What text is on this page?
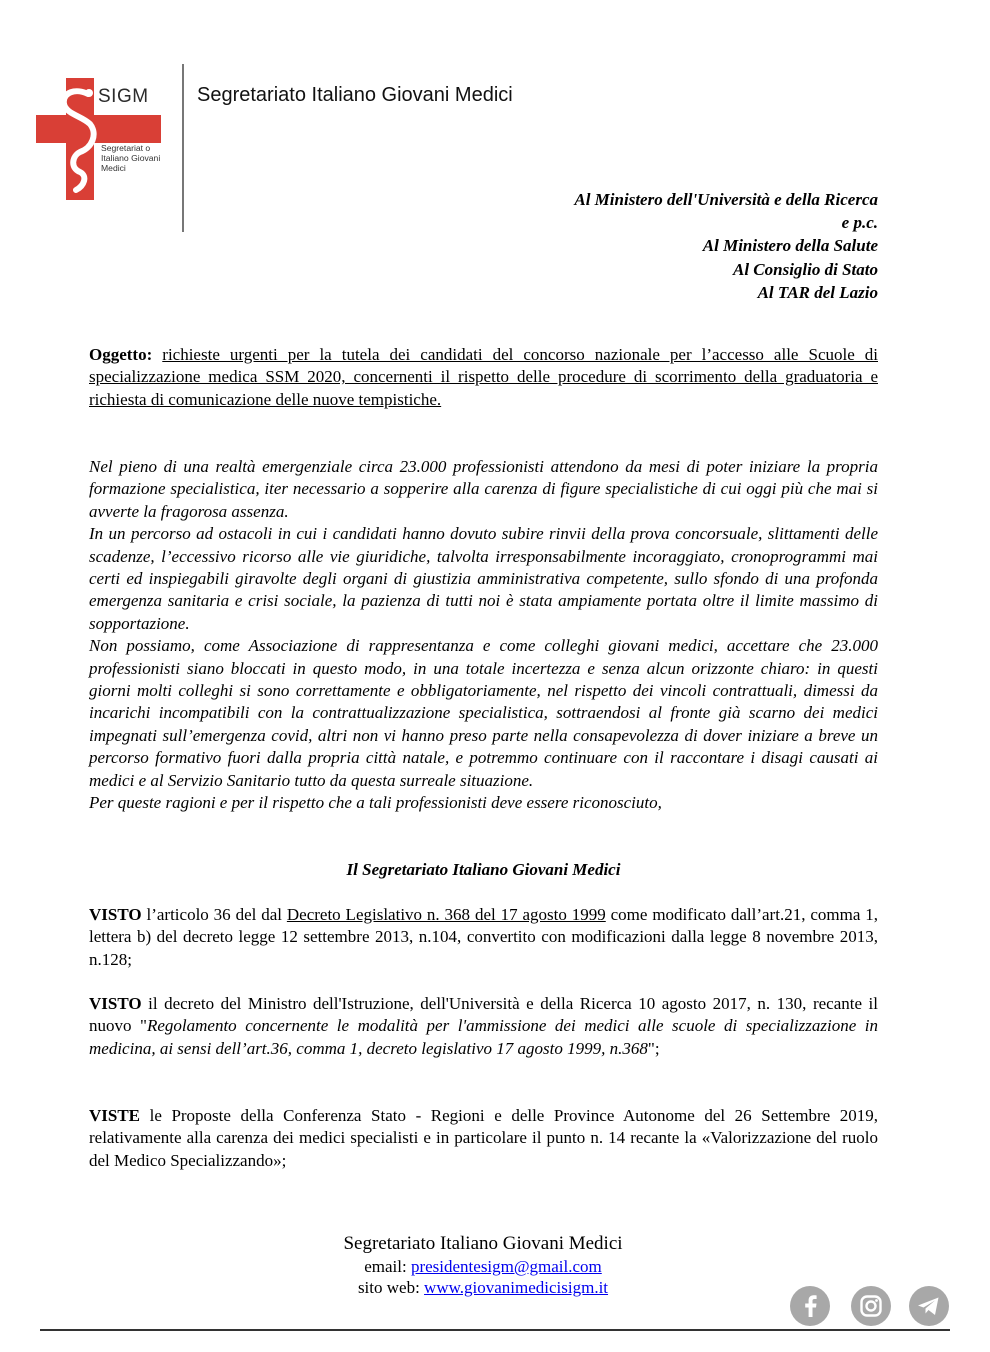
SIGM
Segretariat o Italiano Giovani Medici
Segretariato Italiano Giovani Medici
Al Ministero dell'Università e della Ricerca
e p.c.
Al Ministero della Salute
Al Consiglio di Stato
Al TAR del Lazio
Oggetto: richieste urgenti per la tutela dei candidati del concorso nazionale per l’accesso alle Scuole di specializzazione medica SSM 2020, concernenti il rispetto delle procedure di scorrimento della graduatoria e richiesta di comunicazione delle nuove tempistiche.

Nel pieno di una realtà emergenziale circa 23.000 professionisti attendono da mesi di poter iniziare la propria formazione specialistica, iter necessario a sopperire alla carenza di figure specialistiche di cui oggi più che mai si avverte la fragorosa assenza.

In un percorso ad ostacoli in cui i candidati hanno dovuto subire rinvii della prova concorsuale, slittamenti delle scadenze, l’eccessivo ricorso alle vie giuridiche, talvolta irresponsabilmente incoraggiato, cronoprogrammi mai certi ed inspiegabili giravolte degli organi di giustizia amministrativa competente, sullo sfondo di una profonda emergenza sanitaria e crisi sociale, la pazienza di tutti noi è stata ampiamente portata oltre il limite massimo di sopportazione.

Non possiamo, come Associazione di rappresentanza e come colleghi giovani medici, accettare che 23.000 professionisti siano bloccati in questo modo, in una totale incertezza e senza alcun orizzonte chiaro: in questi giorni molti colleghi si sono correttamente e obbligatoriamente, nel rispetto dei vincoli contrattuali, dimessi da incarichi incompatibili con la contrattualizzazione specialistica, sottraendosi al fronte già scarno dei medici impegnati sull’emergenza covid, altri non vi hanno preso parte nella consapevolezza di dover iniziare a breve un percorso formativo fuori dalla propria città natale, e potremmo continuare con il raccontare i disagi causati ai medici e al Servizio Sanitario tutto da questa surreale situazione.

Per queste ragioni e per il rispetto che a tali professionisti deve essere riconosciuto,

Il Segretariato Italiano Giovani Medici

VISTO l’articolo 36 del dal Decreto Legislativo n. 368 del 17 agosto 1999 come modificato dall’art.21, comma 1, lettera b) del decreto legge 12 settembre 2013, n.104, convertito con modificazioni dalla legge 8 novembre 2013, n.128;

VISTO il decreto del Ministro dell'Istruzione, dell'Università e della Ricerca 10 agosto 2017, n. 130, recante il nuovo "Regolamento concernente le modalità per l'ammissione dei medici alle scuole di specializzazione in medicina, ai sensi dell’art.36, comma 1, decreto legislativo 17 agosto 1999, n.368";

VISTE le Proposte della Conferenza Stato - Regioni e delle Province Autonome del 26 Settembre 2019, relativamente alla carenza dei medici specialisti e in particolare il punto n. 14 recante la «Valorizzazione del ruolo del Medico Specializzando»;

Segretariato Italiano Giovani Medici
email: presidentesigm@gmail.com
sito web: www.giovanimedicisigm.it
